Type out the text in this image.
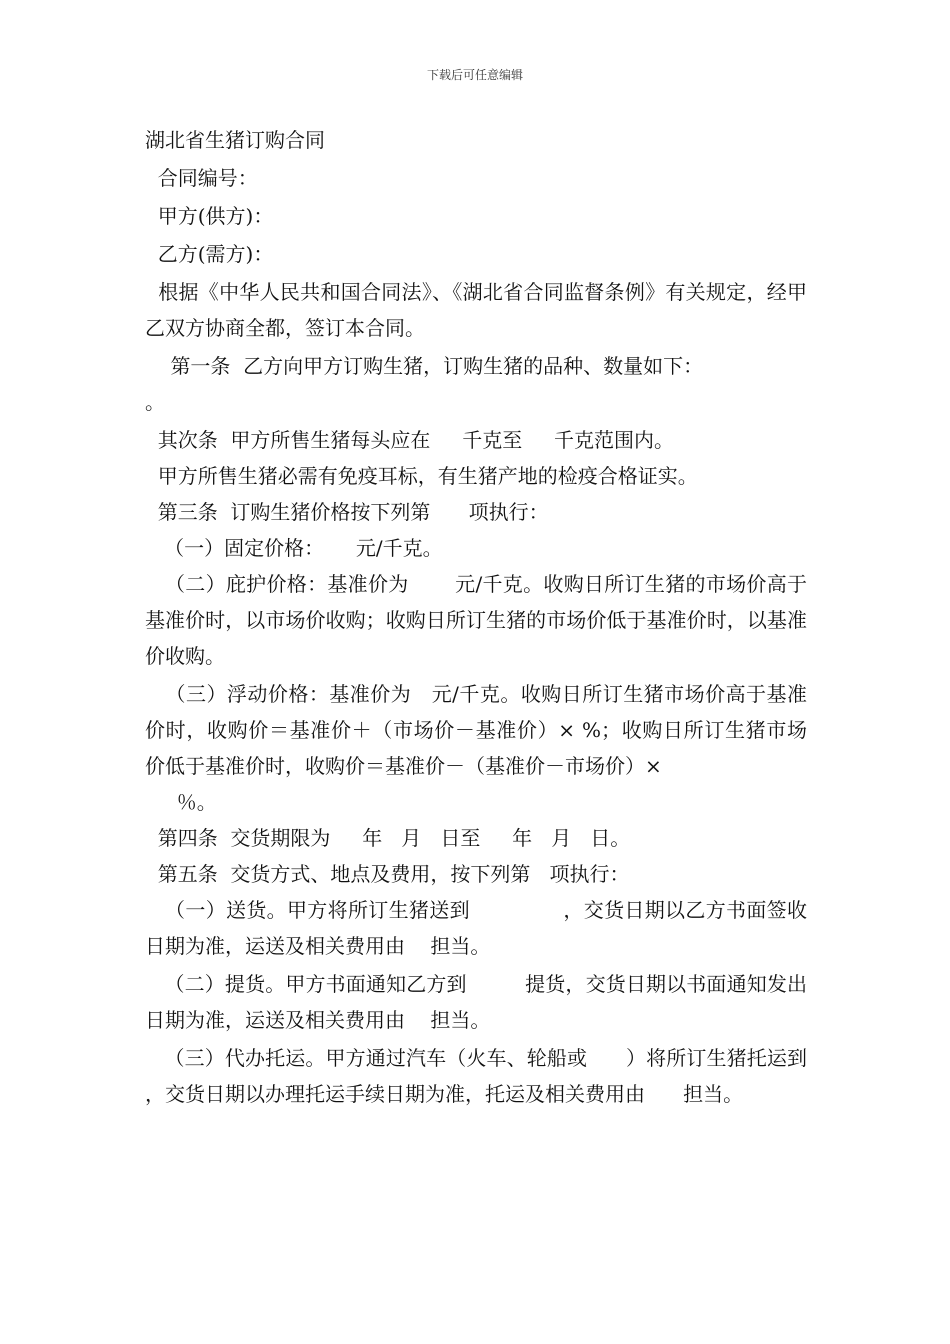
下载后可任意编辑

湖北省生猪订购合同

合同编号：

甲方(供方)：

乙方(需方)：

根据《中华人民共和国合同法》、《湖北省合同监督条例》有关规定，经甲乙双方协商全都，签订本合同。

第一条  乙方向甲方订购生猪，订购生猪的品种、数量如下：

。

其次条  甲方所售生猪每头应在     千克至     千克范围内。

甲方所售生猪必需有免疫耳标，有生猪产地的检疫合格证实。

第三条  订购生猪价格按下列第      项执行：

（一）固定价格：     元/千克。

（二）庇护价格：基准价为       元/千克。收购日所订生猪的市场价高于基准价时，以市场价收购；收购日所订生猪的市场价低于基准价时，以基准价收购。

（三）浮动价格：基准价为   元/千克。收购日所订生猪市场价高于基准价时，收购价＝基准价＋（市场价－基准价）× %；收购日所订生猪市场价低于基准价时，收购价＝基准价－（基准价－市场价）×

％。

第四条  交货期限为     年   月   日至     年   月   日。

第五条  交货方式、地点及费用，按下列第   项执行：

（一）送货。甲方将所订生猪送到              ，交货日期以乙方书面签收日期为准，运送及相关费用由    担当。

（二）提货。甲方书面通知乙方到         提货，交货日期以书面通知发出日期为准，运送及相关费用由    担当。

（三）代办托运。甲方通过汽车（火车、轮船或      ）将所订生猪托运到             ，交货日期以办理托运手续日期为准，托运及相关费用由      担当。
